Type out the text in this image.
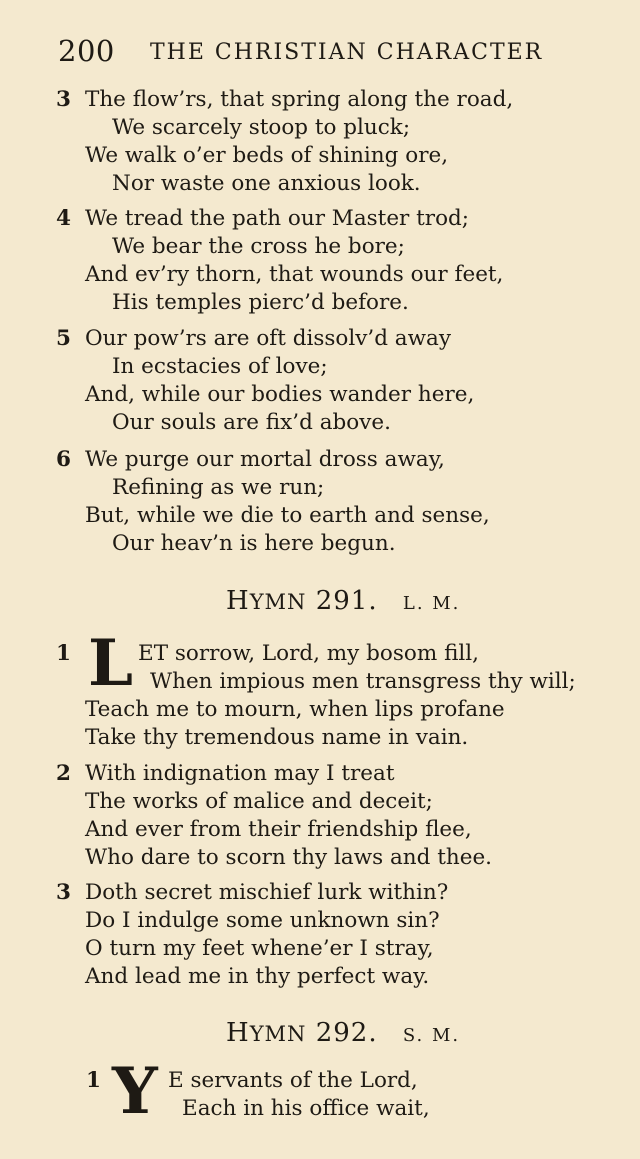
200 THE CHRISTIAN CHARACTER
3 The flow’rs, that spring along the road,
We scarcely stoop to pluck;
We walk o’er beds of shining ore,
Nor waste one anxious look.
4 We tread the path our Master trod;
We bear the cross he bore;
And ev’ry thorn, that wounds our feet,
His temples pierc’d before.
5 Our pow’rs are oft dissolv’d away
In ecstacies of love;
And, while our bodies wander here,
Our souls are fix’d above.
6 We purge our mortal dross away,
Refining as we run;
But, while we die to earth and sense,
Our heav’n is here begun.
HYMN 291. L. M.
1 L ET sorrow, Lord, my bosom fill,
When impious men transgress thy will;
Teach me to mourn, when lips profane
Take thy tremendous name in vain.
2 With indignation may I treat
The works of malice and deceit;
And ever from their friendship flee,
Who dare to scorn thy laws and thee.
3 Doth secret mischief lurk within?
Do I indulge some unknown sin?
O turn my feet whene’er I stray,
And lead me in thy perfect way.
HYMN 292. S. M.
1 Y E servants of the Lord,
Each in his office wait,
